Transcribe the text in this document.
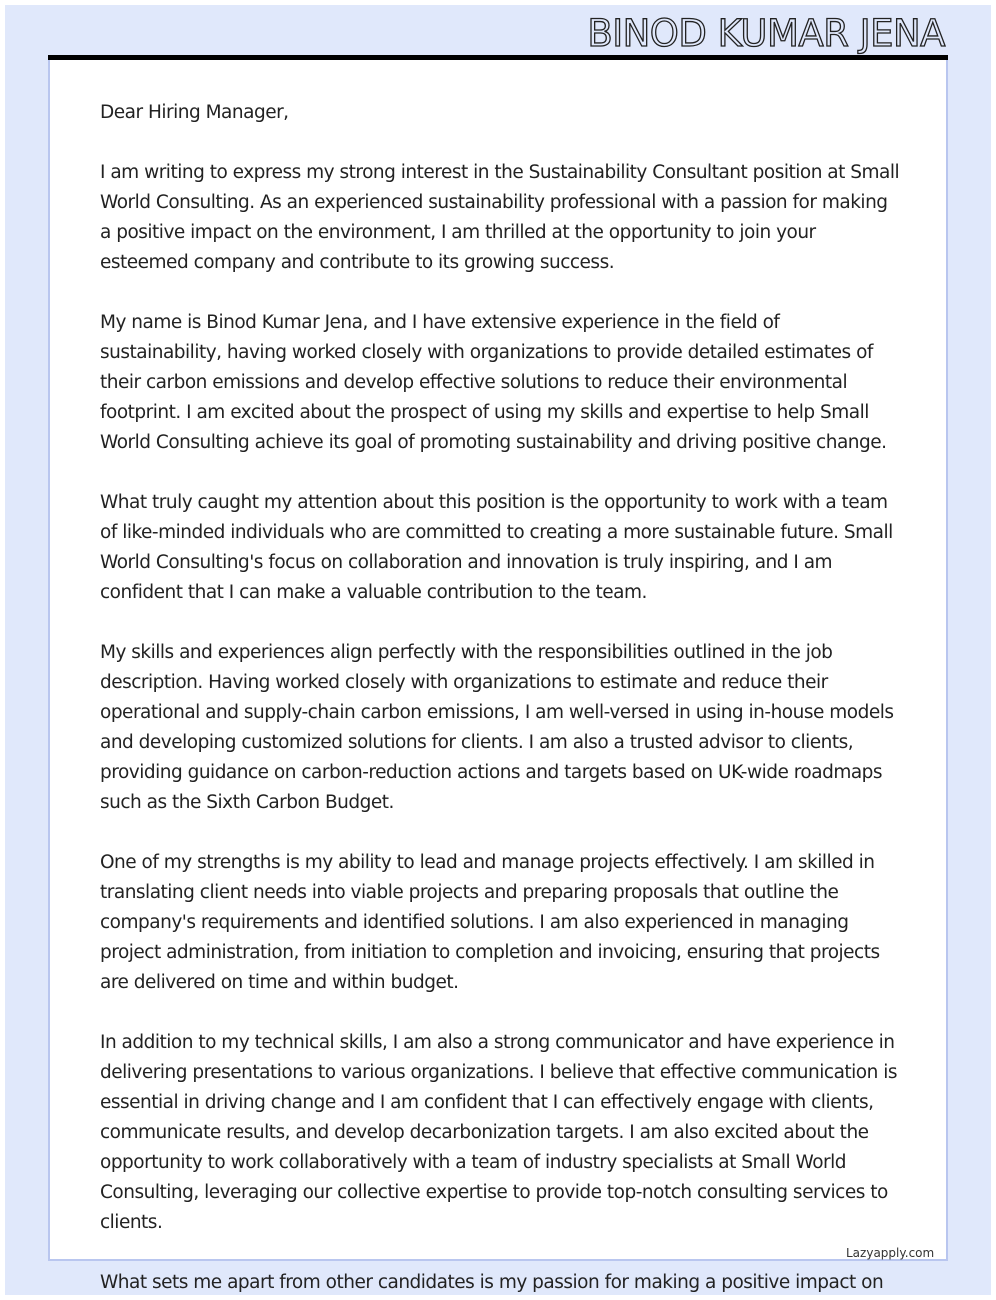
BINOD KUMAR JENA

Dear Hiring Manager,

I am writing to express my strong interest in the Sustainability Consultant position at Small World Consulting. As an experienced sustainability professional with a passion for making a positive impact on the environment, I am thrilled at the opportunity to join your esteemed company and contribute to its growing success.

My name is Binod Kumar Jena, and I have extensive experience in the field of sustainability, having worked closely with organizations to provide detailed estimates of their carbon emissions and develop effective solutions to reduce their environmental footprint. I am excited about the prospect of using my skills and expertise to help Small World Consulting achieve its goal of promoting sustainability and driving positive change.

What truly caught my attention about this position is the opportunity to work with a team of like-minded individuals who are committed to creating a more sustainable future. Small World Consulting's focus on collaboration and innovation is truly inspiring, and I am confident that I can make a valuable contribution to the team.

My skills and experiences align perfectly with the responsibilities outlined in the job description. Having worked closely with organizations to estimate and reduce their operational and supply-chain carbon emissions, I am well-versed in using in-house models and developing customized solutions for clients. I am also a trusted advisor to clients, providing guidance on carbon-reduction actions and targets based on UK-wide roadmaps such as the Sixth Carbon Budget.

One of my strengths is my ability to lead and manage projects effectively. I am skilled in translating client needs into viable projects and preparing proposals that outline the company's requirements and identified solutions. I am also experienced in managing project administration, from initiation to completion and invoicing, ensuring that projects are delivered on time and within budget.

In addition to my technical skills, I am also a strong communicator and have experience in delivering presentations to various organizations. I believe that effective communication is essential in driving change and I am confident that I can effectively engage with clients, communicate results, and develop decarbonization targets. I am also excited about the opportunity to work collaboratively with a team of industry specialists at Small World Consulting, leveraging our collective expertise to provide top-notch consulting services to clients.

What sets me apart from other candidates is my passion for making a positive impact on

Lazyapply.com
